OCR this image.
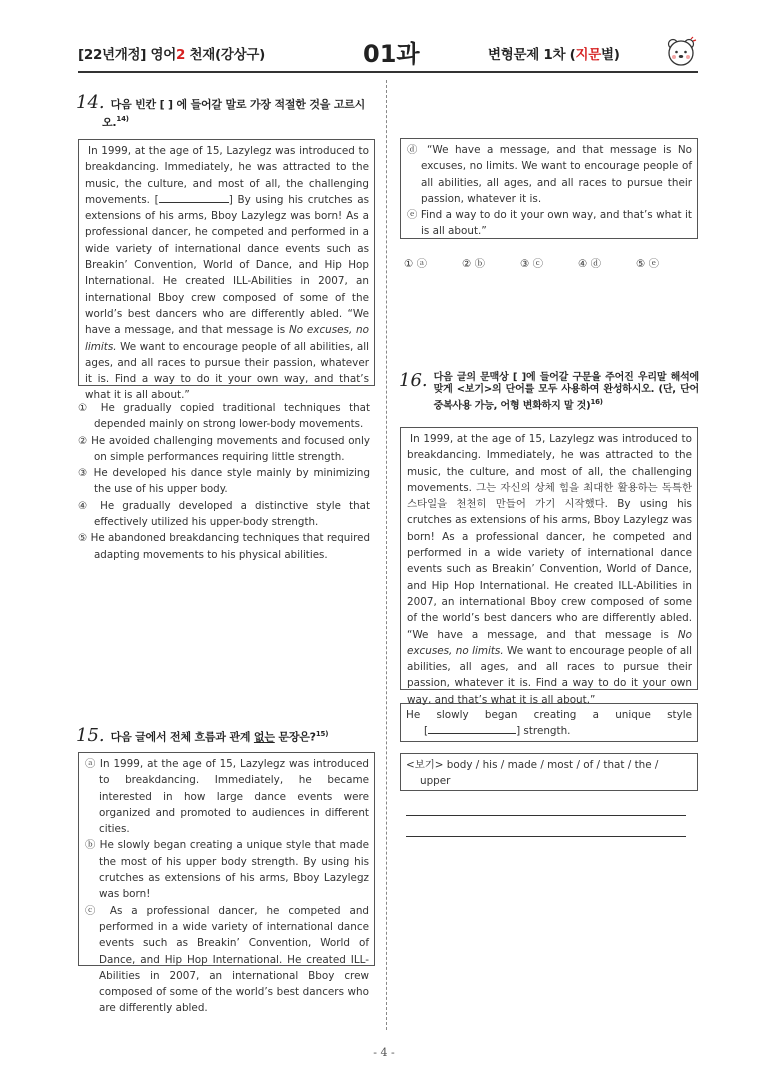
[22년개정] 영어2 천재(강상구)	01과	변형문제 1차 (지문별)
14. 다음 빈칸 [ ] 에 들어갈 말로 가장 적절한 것을 고르시
오.$^{14)}$
In 1999, at the age of 15, Lazylegz was introduced to breakdancing. Immediately, he was attracted to the music, the culture, and most of all, the challenging movements. [	] By using his crutches as extensions of his arms, Bboy Lazylegz was born! As a professional dancer, he competed and performed in a wide variety of international dance events such as Breakin’ Convention, World of Dance, and Hip Hop International. He created ILL-Abilities in 2007, an international Bboy crew composed of some of the world’s best dancers who are differently abled. “We have a message, and that message is No excuses, no limits. We want to encourage people of all abilities, all ages, and all races to pursue their passion, whatever it is. Find a way to do it your own way, and that’s what it is all about.”
① He gradually copied traditional techniques that depended mainly on strong lower-body movements.
② He avoided challenging movements and focused only on simple performances requiring little strength.
③ He developed his dance style mainly by minimizing the use of his upper body.
④ He gradually developed a distinctive style that effectively utilized his upper-body strength.
⑤ He abandoned breakdancing techniques that required adapting movements to his physical abilities.
15. 다음 글에서 전체 흐름과 관계 없는 문장은?$^{15)}$
ⓐ In 1999, at the age of 15, Lazylegz was introduced to breakdancing. Immediately, he became interested in how large dance events were organized and promoted to audiences in different cities.
ⓑ He slowly began creating a unique style that made the most of his upper body strength. By using his crutches as extensions of his arms, Bboy Lazylegz was born!
ⓒ As a professional dancer, he competed and performed in a wide variety of international dance events such as Breakin’ Convention, World of Dance, and Hip Hop International. He created ILL-Abilities in 2007, an international Bboy crew composed of some of the world’s best dancers who are differently abled.
ⓓ “We have a message, and that message is No excuses, no limits. We want to encourage people of all abilities, all ages, and all races to pursue their passion, whatever it is.
ⓔ Find a way to do it your own way, and that’s what it is all about.”
① ⓐ	② ⓑ	③ ⓒ	④ ⓓ	⑤ ⓔ
16. 다음 글의 문맥상 [ ]에 들어갈 구문을 주어진 우리말 해석에 맞게 <보기>의 단어를 모두 사용하여 완성하시오. (단, 단어 중복사용 가능, 어형 변화하지 말 것)$^{16)}$
In 1999, at the age of 15, Lazylegz was introduced to breakdancing. Immediately, he was attracted to the music, the culture, and most of all, the challenging movements. 그는 자신의 상체 힘을 최대한 활용하는 독특한 스타일을 천천히 만들어 가기 시작했다. By using his crutches as extensions of his arms, Bboy Lazylegz was born! As a professional dancer, he competed and performed in a wide variety of international dance events such as Breakin’ Convention, World of Dance, and Hip Hop International. He created ILL-Abilities in 2007, an international Bboy crew composed of some of the world’s best dancers who are differently abled. “We have a message, and that message is No excuses, no limits. We want to encourage people of all abilities, all ages, and all races to pursue their passion, whatever it is. Find a way to do it your own way, and that’s what it is all about.”
He slowly began creating a unique style
[	] strength.
<보기> body / his / made / most / of / that / the / upper
- 4 -
